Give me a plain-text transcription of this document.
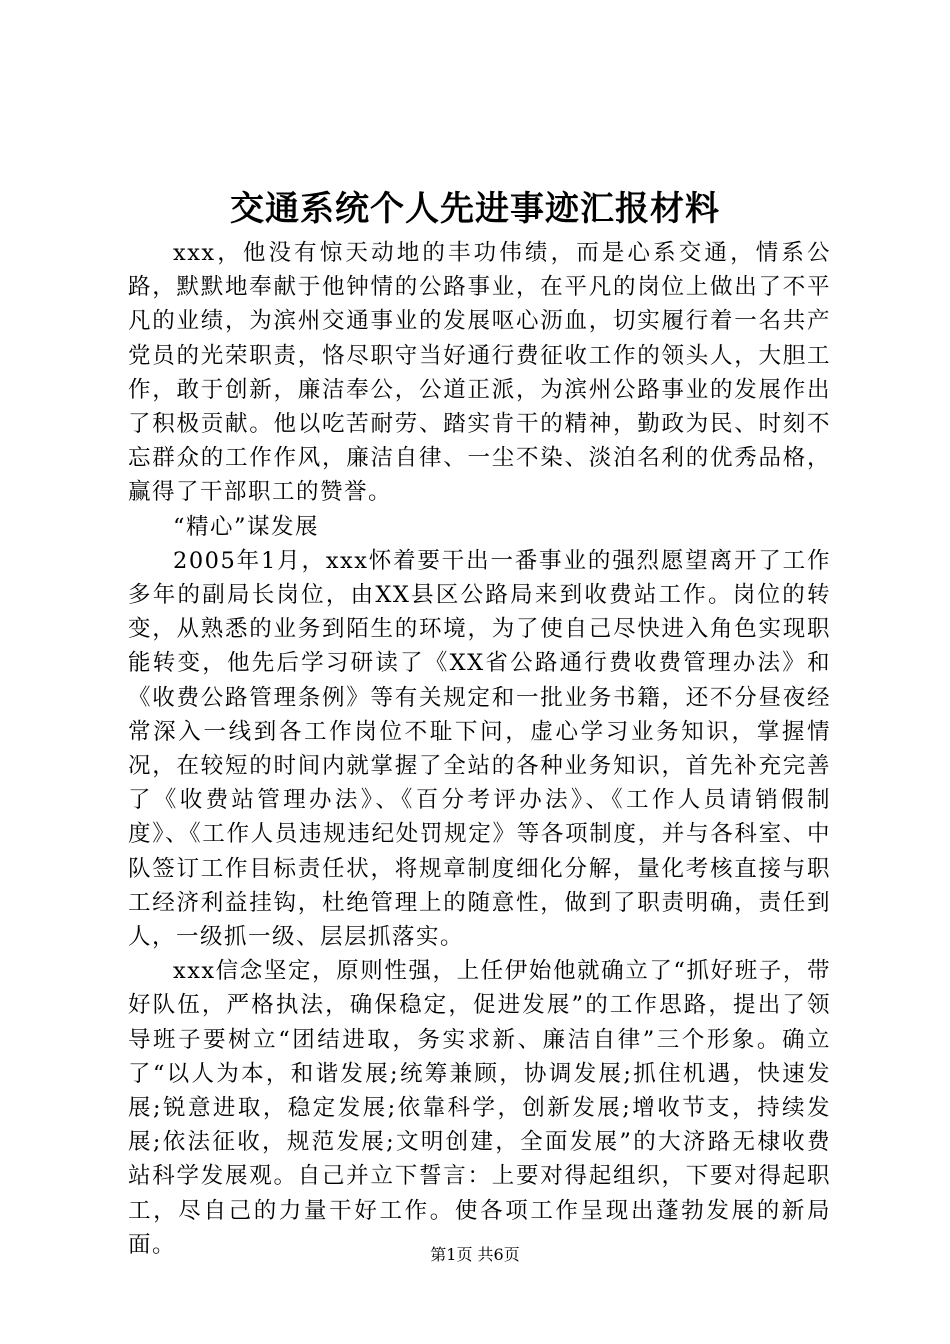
交通系统个人先进事迹汇报材料

xxx，他没有惊天动地的丰功伟绩，而是心系交通，情系公路，默默地奉献于他钟情的公路事业，在平凡的岗位上做出了不平凡的业绩，为滨州交通事业的发展呕心沥血，切实履行着一名共产党员的光荣职责，恪尽职守当好通行费征收工作的领头人，大胆工作，敢于创新，廉洁奉公，公道正派，为滨州公路事业的发展作出了积极贡献。他以吃苦耐劳、踏实肯干的精神，勤政为民、时刻不忘群众的工作作风，廉洁自律、一尘不染、淡泊名利的优秀品格，赢得了干部职工的赞誉。

“精心”谋发展

2005年1月，xxx怀着要干出一番事业的强烈愿望离开了工作多年的副局长岗位，由XX县区公路局来到收费站工作。岗位的转变，从熟悉的业务到陌生的环境，为了使自己尽快进入角色实现职能转变，他先后学习研读了《XX省公路通行费收费管理办法》和《收费公路管理条例》等有关规定和一批业务书籍，还不分昼夜经常深入一线到各工作岗位不耻下问，虚心学习业务知识，掌握情况，在较短的时间内就掌握了全站的各种业务知识，首先补充完善了《收费站管理办法》、《百分考评办法》、《工作人员请销假制度》、《工作人员违规违纪处罚规定》等各项制度，并与各科室、中队签订工作目标责任状，将规章制度细化分解，量化考核直接与职工经济利益挂钩，杜绝管理上的随意性，做到了职责明确，责任到人，一级抓一级、层层抓落实。

xxx信念坚定，原则性强，上任伊始他就确立了“抓好班子，带好队伍，严格执法，确保稳定，促进发展”的工作思路，提出了领导班子要树立“团结进取，务实求新、廉洁自律”三个形象。确立了“以人为本，和谐发展;统筹兼顾，协调发展;抓住机遇，快速发展;锐意进取，稳定发展;依靠科学，创新发展;增收节支，持续发展;依法征收，规范发展;文明创建，全面发展”的大济路无棣收费站科学发展观。自己并立下誓言：上要对得起组织，下要对得起职工，尽自己的力量干好工作。使各项工作呈现出蓬勃发展的新局面。	第1页 共6页
